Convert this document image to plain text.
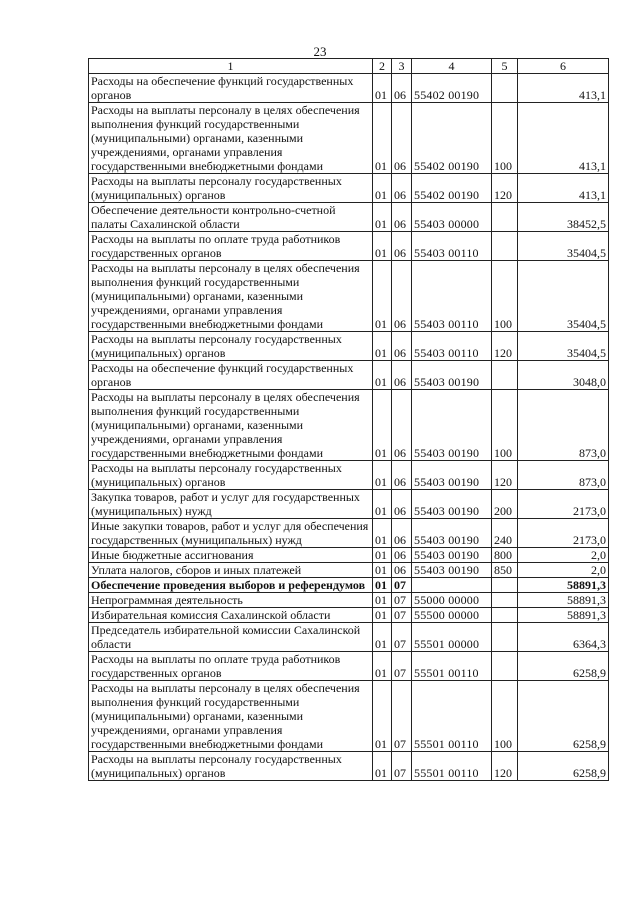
23
1	2	3	4	5	6
Расходы на обеспечение функций государственных органов	01	06	55402 00190		413,1
Расходы на выплаты персоналу в целях обеспечения выполнения функций государственными (муниципальными) органами, казенными учреждениями, органами управления государственными внебюджетными фондами	01	06	55402 00190	100	413,1
Расходы на выплаты персоналу государственных (муниципальных) органов	01	06	55402 00190	120	413,1
Обеспечение деятельности контрольно-счетной палаты Сахалинской области	01	06	55403 00000		38452,5
Расходы на выплаты по оплате труда работников государственных органов	01	06	55403 00110		35404,5
Расходы на выплаты персоналу в целях обеспечения выполнения функций государственными (муниципальными) органами, казенными учреждениями, органами управления государственными внебюджетными фондами	01	06	55403 00110	100	35404,5
Расходы на выплаты персоналу государственных (муниципальных) органов	01	06	55403 00110	120	35404,5
Расходы на обеспечение функций государственных органов	01	06	55403 00190		3048,0
Расходы на выплаты персоналу в целях обеспечения выполнения функций государственными (муниципальными) органами, казенными учреждениями, органами управления государственными внебюджетными фондами	01	06	55403 00190	100	873,0
Расходы на выплаты персоналу государственных (муниципальных) органов	01	06	55403 00190	120	873,0
Закупка товаров, работ и услуг для государственных (муниципальных) нужд	01	06	55403 00190	200	2173,0
Иные закупки товаров, работ и услуг для обеспечения государственных (муниципальных) нужд	01	06	55403 00190	240	2173,0
Иные бюджетные ассигнования	01	06	55403 00190	800	2,0
Уплата налогов, сборов и иных платежей	01	06	55403 00190	850	2,0
Обеспечение проведения выборов и референдумов	01	07			58891,3
Непрограммная деятельность	01	07	55000 00000		58891,3
Избирательная комиссия Сахалинской области	01	07	55500 00000		58891,3
Председатель избирательной комиссии Сахалинской области	01	07	55501 00000		6364,3
Расходы на выплаты по оплате труда работников государственных органов	01	07	55501 00110		6258,9
Расходы на выплаты персоналу в целях обеспечения выполнения функций государственными (муниципальными) органами, казенными учреждениями, органами управления государственными внебюджетными фондами	01	07	55501 00110	100	6258,9
Расходы на выплаты персоналу государственных (муниципальных) органов	01	07	55501 00110	120	6258,9
